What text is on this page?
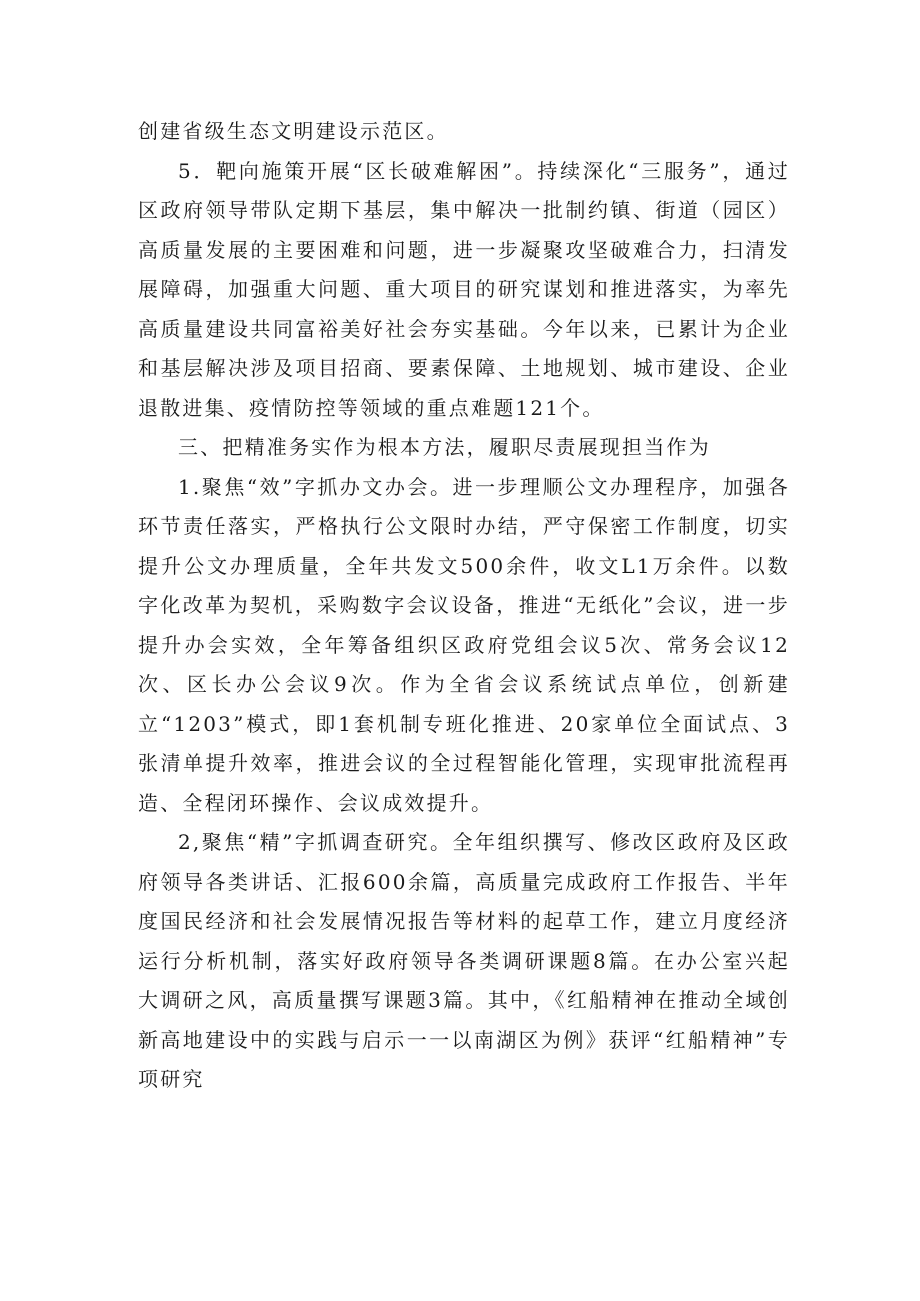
创建省级生态文明建设示范区。

5．靶向施策开展“区长破难解困”。持续深化“三服务”，通过区政府领导带队定期下基层，集中解决一批制约镇、街道（园区）高质量发展的主要困难和问题，进一步凝聚攻坚破难合力，扫清发展障碍，加强重大问题、重大项目的研究谋划和推进落实，为率先高质量建设共同富裕美好社会夯实基础。今年以来，已累计为企业和基层解决涉及项目招商、要素保障、土地规划、城市建设、企业退散进集、疫情防控等领域的重点难题121个。

三、把精准务实作为根本方法，履职尽责展现担当作为

1.聚焦“效”字抓办文办会。进一步理顺公文办理程序，加强各环节责任落实，严格执行公文限时办结，严守保密工作制度，切实提升公文办理质量，全年共发文500余件，收文L1万余件。以数字化改革为契机，采购数字会议设备，推进“无纸化”会议，进一步提升办会实效，全年筹备组织区政府党组会议5次、常务会议12次、区长办公会议9次。作为全省会议系统试点单位，创新建立“1203”模式，即1套机制专班化推进、20家单位全面试点、3张清单提升效率，推进会议的全过程智能化管理，实现审批流程再造、全程闭环操作、会议成效提升。

2,聚焦“精”字抓调查研究。全年组织撰写、修改区政府及区政府领导各类讲话、汇报600余篇，高质量完成政府工作报告、半年度国民经济和社会发展情况报告等材料的起草工作，建立月度经济运行分析机制，落实好政府领导各类调研课题8篇。在办公室兴起大调研之风，高质量撰写课题3篇。其中，《红船精神在推动全域创新高地建设中的实践与启示一一以南湖区为例》获评“红船精神”专项研究
